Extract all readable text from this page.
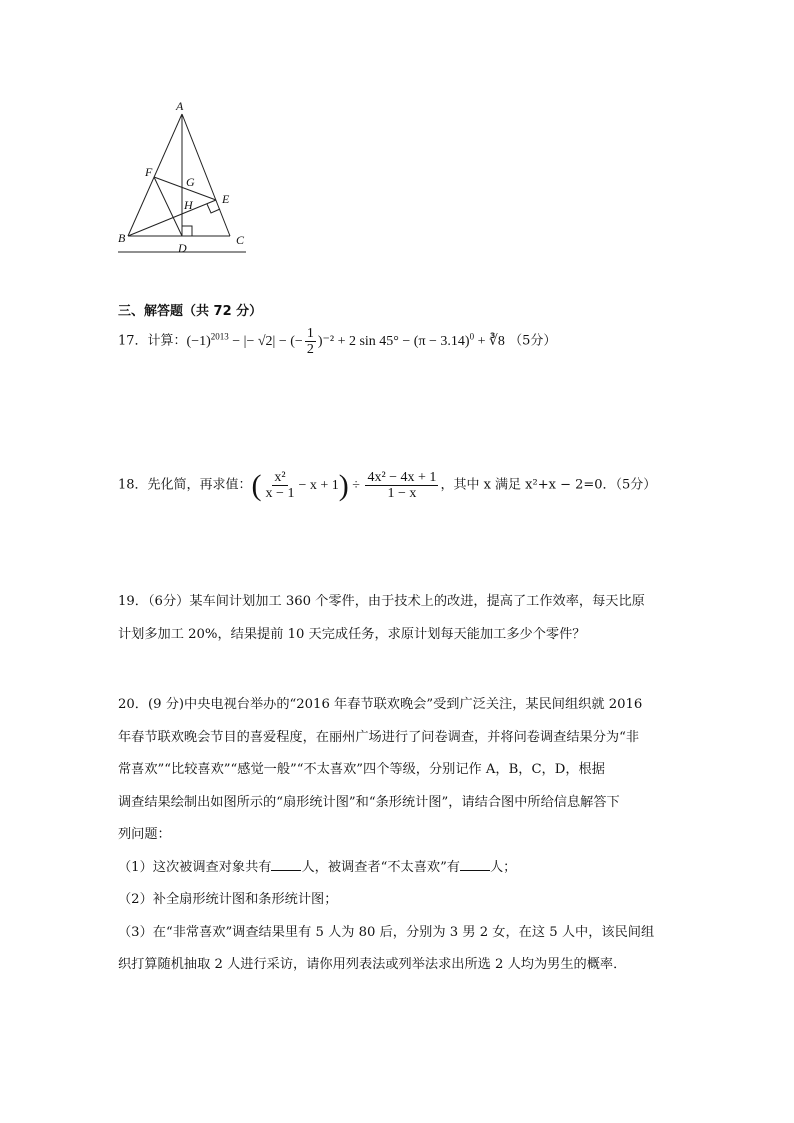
A
F
G
E
H
B	C
D
三、解答题（共 72 分）
17．计算：$(-1)^{2013}$ − |− √2| − (− $\frac{1}{2} )^{-2} + 2$ $\sin 45^\circ - (\pi - 3.14)^0$ + ∛8 （5分）
18．先化简，再求值：( $\frac{\text{x²}}{x - 1} - x + 1) \div \frac{\text{4x² − 4x + 1}}{1 - x}$ ，其中 x 满足 x²+x − 2=0．（5分）
19．（6分）某车间计划加工 360 个零件，由于技术上的改进，提高了工作效率，每天比原
计划多加工 20%，结果提前 10 天完成任务，求原计划每天能加工多少个零件？
20．(9 分)中央电视台举办的“2016 年春节联欢晚会”受到广泛关注，某民间组织就 2016
年春节联欢晚会节目的喜爱程度，在丽州广场进行了问卷调查，并将问卷调查结果分为“非
常喜欢”“比较喜欢”“感觉一般”“不太喜欢”四个等级，分别记作 A，B，C，D，根据
调查结果绘制出如图所示的“扇形统计图”和“条形统计图”，请结合图中所给信息解答下
列问题：
（1）这次被调查对象共有 人，被调查者“不太喜欢”有 人；
（2）补全扇形统计图和条形统计图；
（3）在“非常喜欢”调查结果里有 5 人为 80 后，分别为 3 男 2 女，在这 5 人中，该民间组
织打算随机抽取 2 人进行采访，请你用列表法或列举法求出所选 2 人均为男生的概率．
